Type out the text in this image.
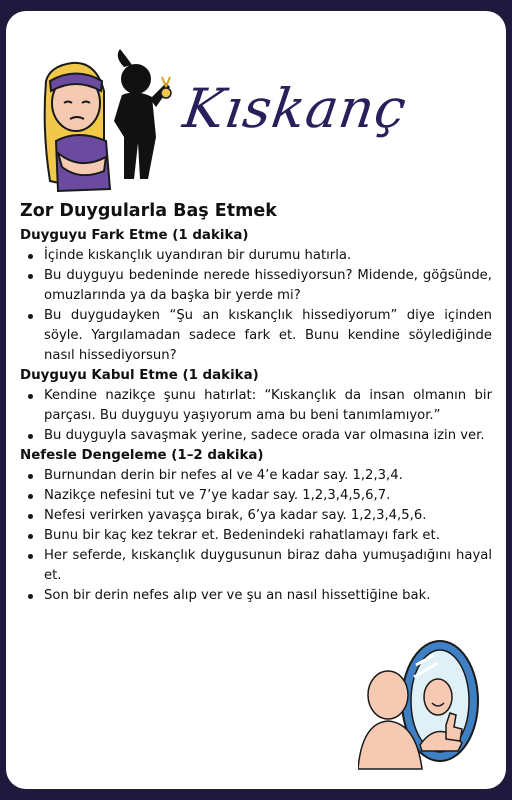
Kıskanç
Zor Duygularla Baş Etmek
Duyguyu Fark Etme (1 dakika)
İçinde kıskançlık uyandıran bir durumu hatırla.
Bu duyguyu bedeninde nerede hissediyorsun? Midende, göğsünde, omuzlarında ya da başka bir yerde mi?
Bu duygudayken “Şu an kıskançlık hissediyorum” diye içinden söyle. Yargılamadan sadece fark et. Bunu kendine söylediğinde nasıl hissediyorsun?
Duyguyu Kabul Etme (1 dakika)
Kendine nazikçe şunu hatırlat: “Kıskançlık da insan olmanın bir parçası. Bu duyguyu yaşıyorum ama bu beni tanımlamıyor.”
Bu duyguyla savaşmak yerine, sadece orada var olmasına izin ver.
Nefesle Dengeleme (1–2 dakika)
Burnundan derin bir nefes al ve 4’e kadar say. 1,2,3,4.
Nazikçe nefesini tut ve 7’ye kadar say. 1,2,3,4,5,6,7.
Nefesi verirken yavaşça bırak, 6’ya kadar say. 1,2,3,4,5,6.
Bunu bir kaç kez tekrar et. Bedenindeki rahatlamayı fark et.
Her seferde, kıskançlık duygusunun biraz daha yumuşadığını hayal et.
Son bir derin nefes alıp ver ve şu an nasıl hissettiğine bak.
